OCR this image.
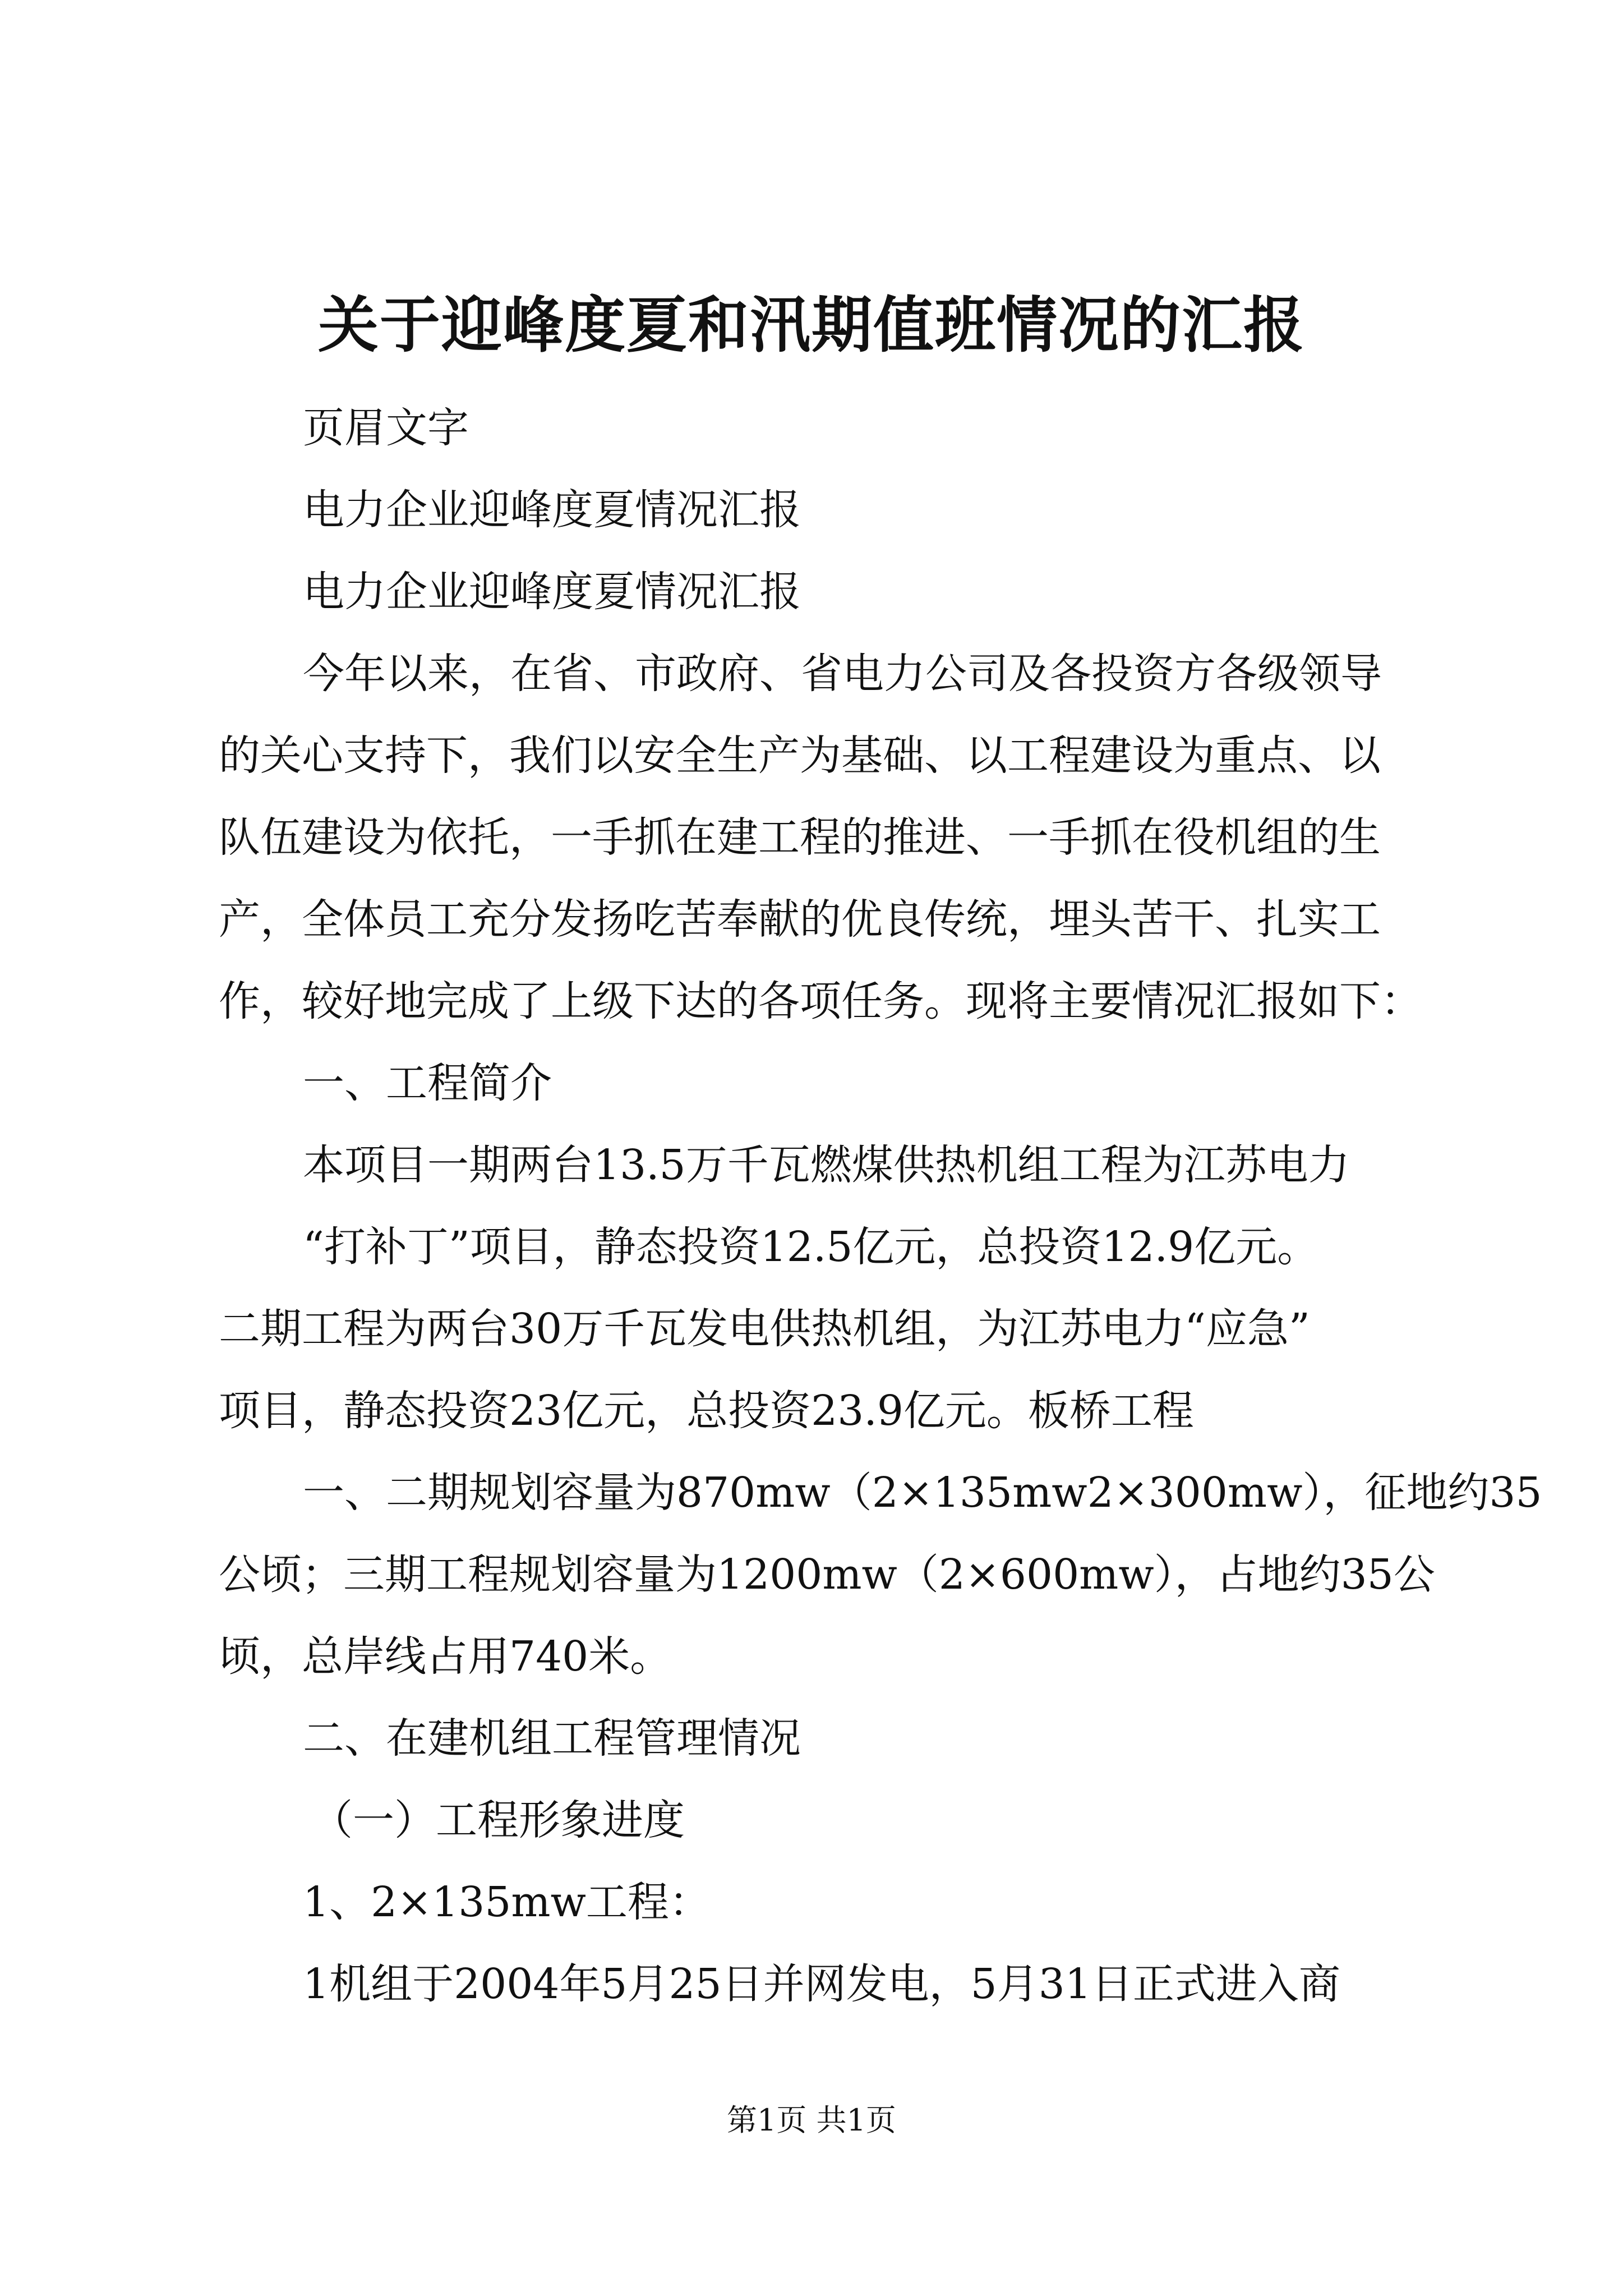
关于迎峰度夏和汛期值班情况的汇报
页眉文字
电力企业迎峰度夏情况汇报
电力企业迎峰度夏情况汇报
今年以来，在省、市政府、省电力公司及各投资方各级领导
的关心支持下，我们以安全生产为基础、以工程建设为重点、以
队伍建设为依托，一手抓在建工程的推进、一手抓在役机组的生
产，全体员工充分发扬吃苦奉献的优良传统，埋头苦干、扎实工
作，较好地完成了上级下达的各项任务。现将主要情况汇报如下：
一、工程简介
本项目一期两台13.5万千瓦燃煤供热机组工程为江苏电力
“打补丁”项目，静态投资12.5亿元，总投资12.9亿元。
二期工程为两台30万千瓦发电供热机组，为江苏电力“应急”
项目，静态投资23亿元，总投资23.9亿元。板桥工程
一、二期规划容量为870mw（2×135mw2×300mw），征地约35
公顷；三期工程规划容量为1200mw（2×600mw），占地约35公
顷，总岸线占用740米。
二、在建机组工程管理情况
（一）工程形象进度
1、2×135mw工程：
1机组于2004年5月25日并网发电，5月31日正式进入商
第1页 共1页
